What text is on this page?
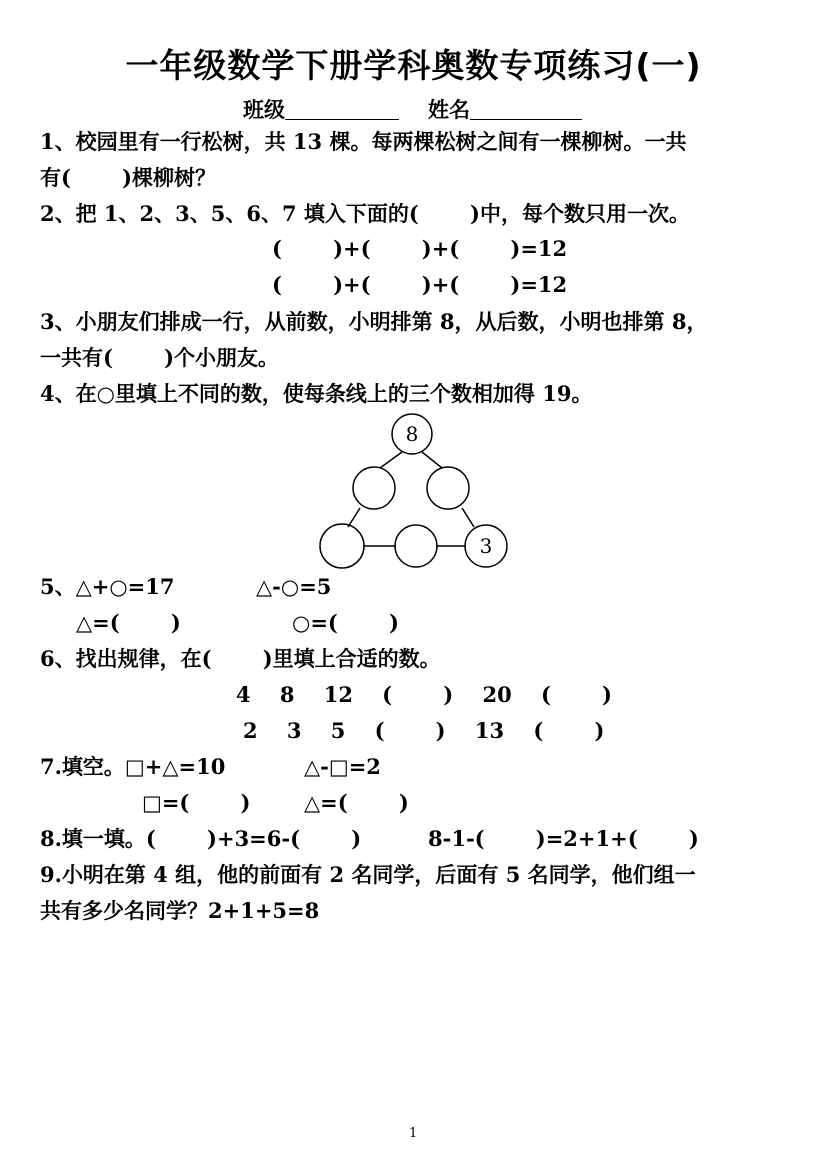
一年级数学下册学科奥数专项练习(一)
班级	姓名
1、校园里有一行松树，共 13 棵。每两棵松树之间有一棵柳树。一共
有(       )棵柳树？
2、把 1、2、3、5、6、7 填入下面的(       )中，每个数只用一次。
(       )+(       )+(       )=12
(       )+(       )+(       )=12
3、小朋友们排成一行，从前数，小明排第 8，从后数，小明也排第 8，
一共有(       )个小朋友。
4、在○里填上不同的数，使每条线上的三个数相加得 19。
8
3
5、△+○=17	△-○=5
△=(       )	○=(       )
6、找出规律，在(       )里填上合适的数。
4    8    12    (       )    20    (       )
2    3    5    (       )    13    (       )
7.填空。□+△=10	△-□=2
□=(       )	△=(       )
8.填一填。(       )+3=6-(       )	8-1-(       )=2+1+(       )
9.小明在第 4 组，他的前面有 2 名同学，后面有 5 名同学，他们组一
共有多少名同学？2+1+5=8
1
